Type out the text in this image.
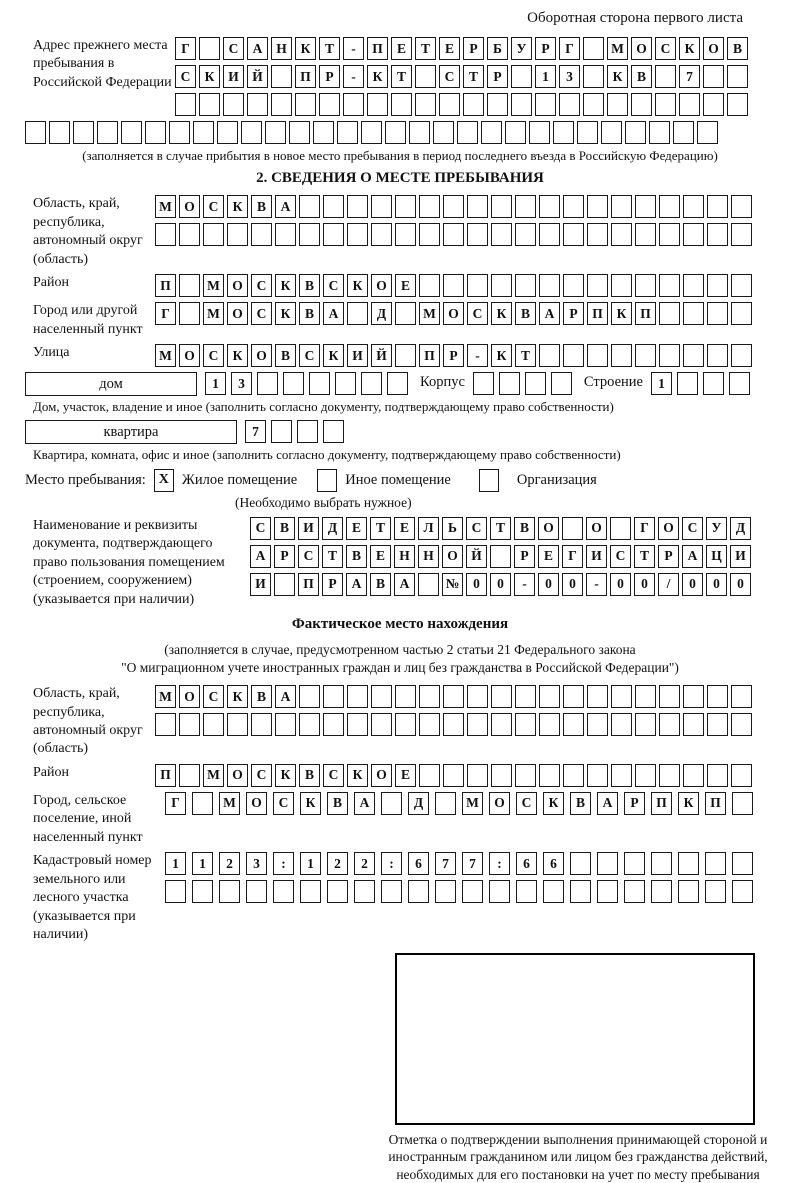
Оборотная сторона первого листа
Адрес прежнего места пребывания в Российской Федерации
Г	С	А	Н	К	Т	-	П	Е	Т	Е	Р	Б	У	Р	Г	М О	С	К	О	В
С	К	И Й	П	Р	-	К	Т	С	Т	Р	1	3	К	В	7
(заполняется в случае прибытия в новое место пребывания в период последнего въезда в Российскую Федерацию)
2. СВЕДЕНИЯ О МЕСТЕ ПРЕБЫВАНИЯ
Область, край, республика, автономный округ (область)
М О	С	К	В	А
Район	П	М О	С	К	В	С	К	О	Е
Город или другой населенный пункт
Г	М О	С	К	В	А	Д	М О	С	К	В	А	Р	П	К	П
Улица	М О	С	К	О	В	С	К	И Й	П	Р	-	К	Т
дом	1	3	Корпус	Строение	1
Дом, участок, владение и иное (заполнить согласно документу, подтверждающему право собственности)
квартира	7
Квартира, комната, офис и иное (заполнить согласно документу, подтверждающему право собственности)
Место пребывания: X Жилое помещение	Иное помещение	Организация
(Необходимо выбрать нужное)
Наименование и реквизиты документа, подтверждающего право пользования помещением (строением, сооружением) (указывается при наличии)
С	В	И	Д	Е	Т	Е	Л	Ь	С	Т	В	О	О	Г	О	С	У	Д
А	Р	С	Т	В	Е	Н Н О Й	Р	Е	Г	И	С	Т	Р	А	Ц И
И	П	Р	А	В	А	№	0	0	-	0	0	-	0	0	/	0	0	0
Фактическое место нахождения
(заполняется в случае, предусмотренном частью 2 статьи 21 Федерального закона
"О миграционном учете иностранных граждан и лиц без гражданства в Российской Федерации")
Область, край, республика, автономный округ (область)
М О	С	К	В	А
Район	П	М О	С	К	В	С	К	О	Е
Город, сельское поселение, иной населенный пункт
Г	М	О	С	К	В	А	Д	М	О	С	К	В	А	Р	П	К	П
Кадастровый номер земельного или лесного участка (указывается при наличии)
1	1	2	3	:	1	2	2	:	6	7	7	:	6	6
Отметка о подтверждении выполнения принимающей стороной и иностранным гражданином или лицом без гражданства действий, необходимых для его постановки на учет по месту пребывания
